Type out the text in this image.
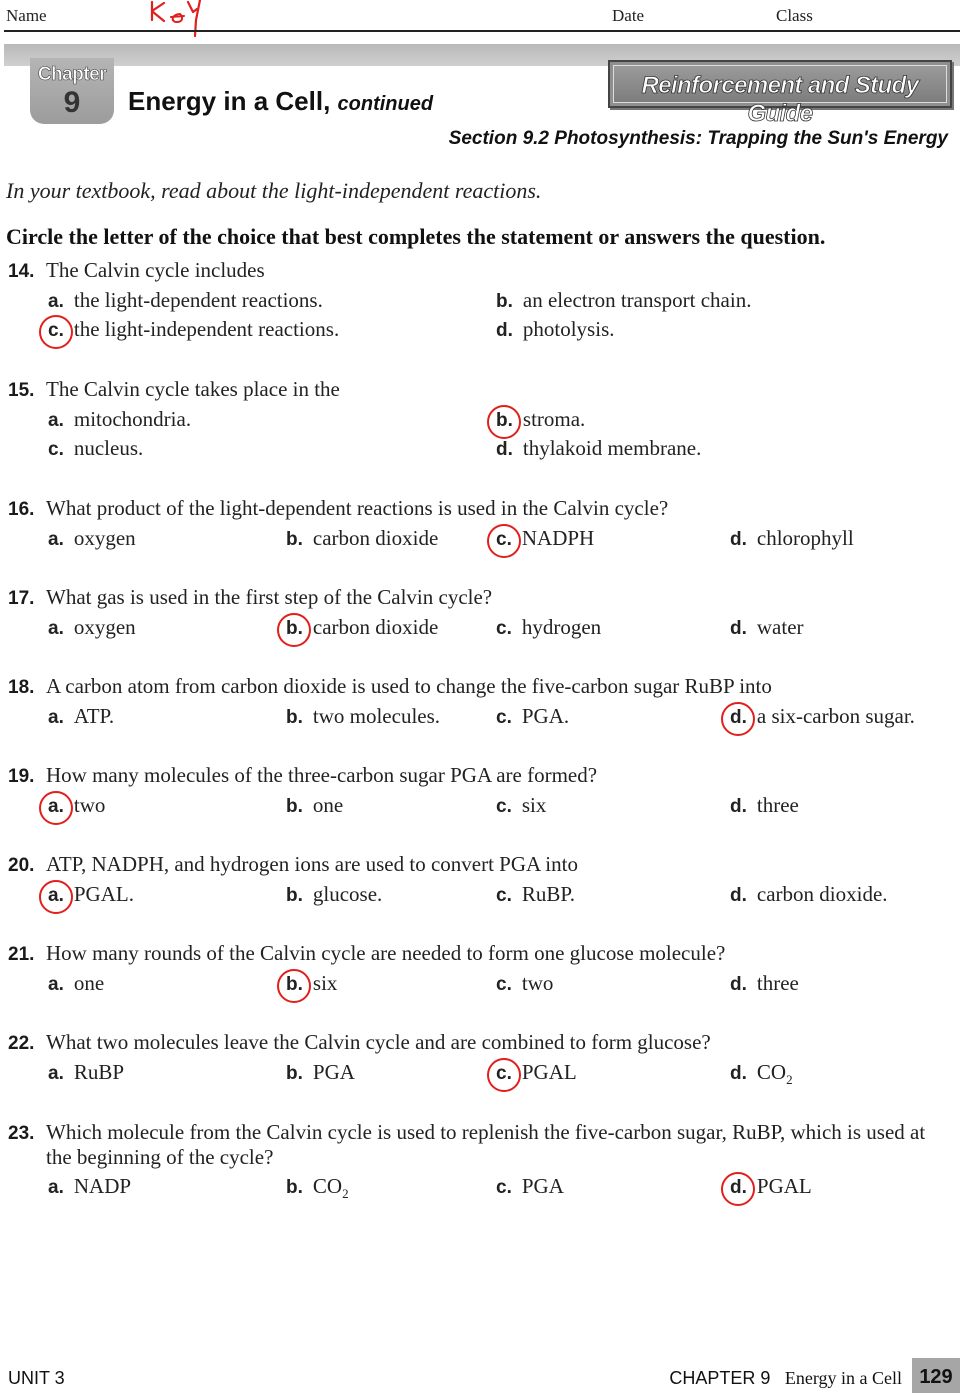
Name	Date	Class
Chapter
9	Energy in a Cell, continued
Reinforcement and Study Guide
Section 9.2 Photosynthesis: Trapping the Sun's Energy
In your textbook, read about the light-independent reactions.
Circle the letter of the choice that best completes the statement or answers the question.
14. The Calvin cycle includes
a. the light-dependent reactions.	b. an electron transport chain.
c. the light-independent reactions.	d. photolysis.
15. The Calvin cycle takes place in the
a. mitochondria.	b. stroma.
c. nucleus.	d. thylakoid membrane.
16. What product of the light-dependent reactions is used in the Calvin cycle?
a. oxygen	b. carbon dioxide	c. NADPH	d. chlorophyll
17. What gas is used in the first step of the Calvin cycle?
a. oxygen	b. carbon dioxide	c. hydrogen	d. water
18. A carbon atom from carbon dioxide is used to change the five-carbon sugar RuBP into
a. ATP.	b. two molecules.	c. PGA.	d. a six-carbon sugar.
19. How many molecules of the three-carbon sugar PGA are formed?
a. two	b. one	c. six	d. three
20. ATP, NADPH, and hydrogen ions are used to convert PGA into
a. PGAL.	b. glucose.	c. RuBP.	d. carbon dioxide.
21. How many rounds of the Calvin cycle are needed to form one glucose molecule?
a. one	b. six	c. two	d. three
22. What two molecules leave the Calvin cycle and are combined to form glucose?
a. RuBP	b. PGA	c. PGAL	d. $CO_2$
23. Which molecule from the Calvin cycle is used to replenish the five-carbon sugar, RuBP, which is used at the beginning of the cycle?
a. NADP	b. $CO_2$	c. PGA	d. PGAL
UNIT 3	CHAPTER 9 Energy in a Cell 129
